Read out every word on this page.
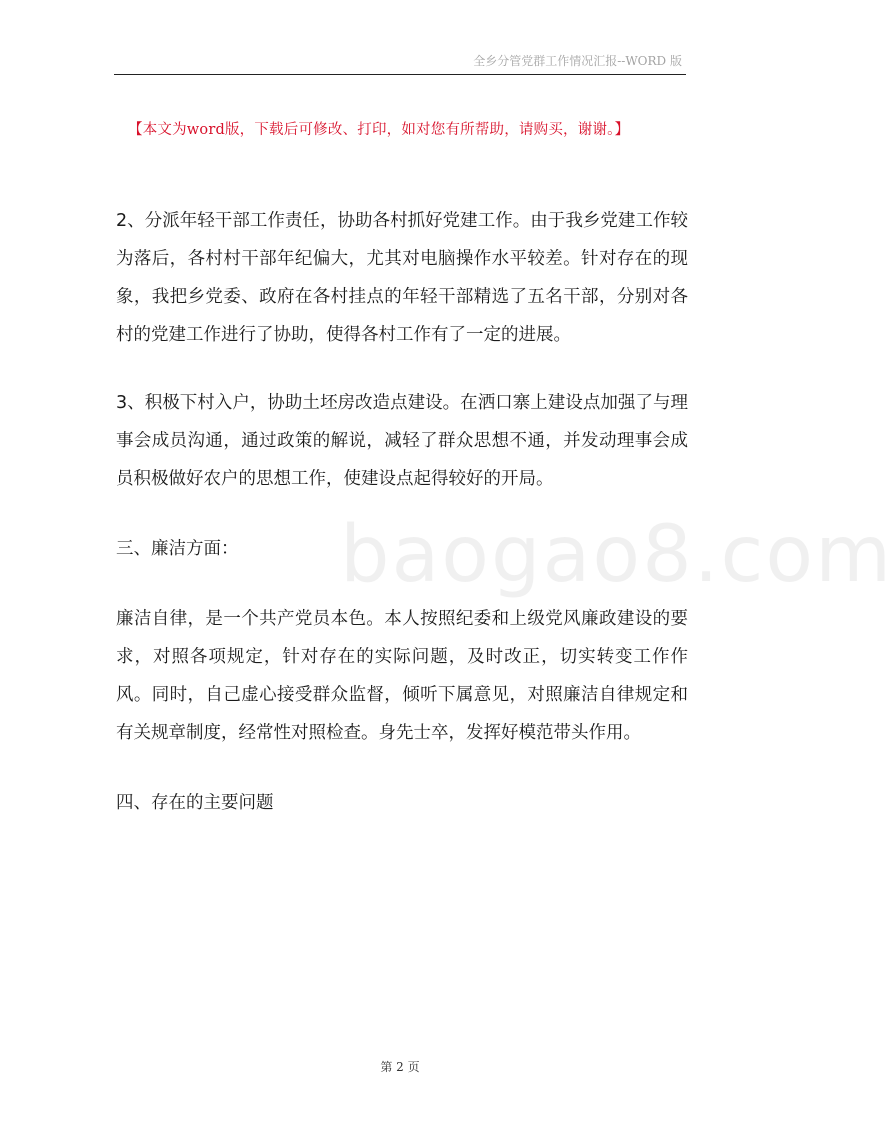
全乡分管党群工作情况汇报--WORD 版
【本文为word版，下载后可修改、打印，如对您有所帮助，请购买，谢谢。】
baogao8.com

2、分派年轻干部工作责任，协助各村抓好党建工作。由于我乡党建工作较为落后，各村村干部年纪偏大，尤其对电脑操作水平较差。针对存在的现象，我把乡党委、政府在各村挂点的年轻干部精选了五名干部，分别对各村的党建工作进行了协助，使得各村工作有了一定的进展。

3、积极下村入户，协助土坯房改造点建设。在洒口寨上建设点加强了与理事会成员沟通，通过政策的解说，减轻了群众思想不通，并发动理事会成员积极做好农户的思想工作，使建设点起得较好的开局。

三、廉洁方面：

廉洁自律，是一个共产党员本色。本人按照纪委和上级党风廉政建设的要求，对照各项规定，针对存在的实际问题，及时改正，切实转变工作作风。同时，自己虚心接受群众监督，倾听下属意见，对照廉洁自律规定和有关规章制度，经常性对照检查。身先士卒，发挥好模范带头作用。

四、存在的主要问题

第 2 页
